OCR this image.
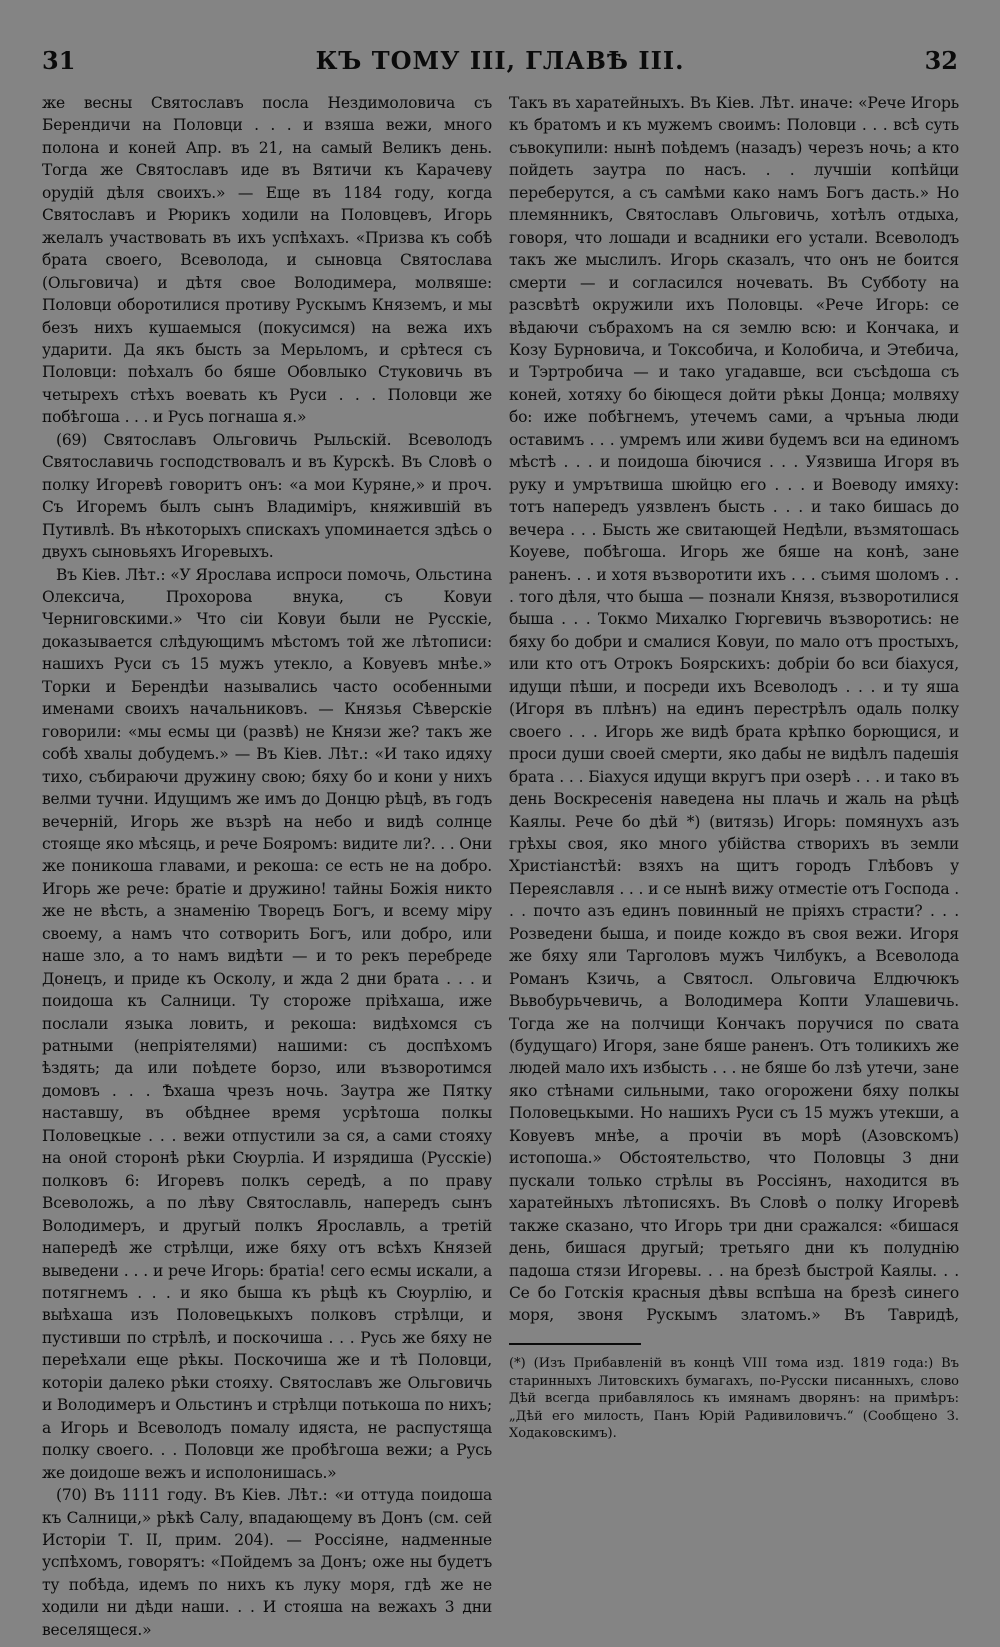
31	КЪ ТОМУ III, ГЛАВѢ III.	32

же весны Святославъ посла Нездимоловича съ Берендичи на Половци . . . и взяша вежи, много полона и коней Апр. въ 21, на самый Великъ день. Тогда же Святославъ иде въ Вятичи къ Карачеву орудій дѣля своихъ.» — Еще въ 1184 году, когда Святославъ и Рюрикъ ходили на Половцевъ, Игорь желалъ участвовать въ ихъ успѣхахъ. «Призва къ собѣ брата своего, Всеволода, и сыновца Святослава (Ольговича) и дѣтя свое Володимера, молвяше: Половци оборотилися противу Рускымъ Княземъ, и мы безъ нихъ кушаемыся (покусимся) на вежа ихъ ударити. Да якъ бысть за Мерьломъ, и срѣтеся съ Половци: поѣхалъ бо бяше Обовлыко Стуковичь въ четырехъ стѣхъ воевать къ Руси . . . Половци же побѣгоша . . . и Русь погнаша я.»

(69) Святославъ Ольговичь Рыльскій. Всеволодъ Святославичь господствовалъ и въ Курскѣ. Въ Словѣ о полку Игоревѣ говоритъ онъ: «а мои Куряне,» и проч. Съ Игоремъ былъ сынъ Владиміръ, княжившій въ Путивлѣ. Въ нѣкоторыхъ спискахъ упоминается здѣсь о двухъ сыновьяхъ Игоревыхъ.

Въ Кіев. Лѣт.: «У Ярослава испроси помочь, Ольстина Олексича, Прохорова внука, съ Ковуи Черниговскими.» Что сіи Ковуи были не Русскіе, доказывается слѣдующимъ мѣстомъ той же лѣтописи: нашихъ Руси съ 15 мужъ утекло, а Ковуевъ мнѣе.» Торки и Берендѣи назывались часто особенными именами своихъ начальниковъ. — Князья Сѣверскіе говорили: «мы есмы ци (развѣ) не Князи же? такъ же собѣ хвалы добудемъ.» — Въ Кіев. Лѣт.: «И тако идяху тихо, събираючи дружину свою; бяху бо и кони у нихъ велми тучни. Идущимъ же имъ до Донцю рѣцѣ, въ годъ вечерній, Игорь же възрѣ на небо и видѣ солнце стояще яко мѣсяць, и рече Бояромъ: видите ли?. . . Они же поникоша главами, и рекоша: се есть не на добро. Игорь же рече: братіе и дружино! тайны Божія никто же не вѣсть, а знаменію Творецъ Богъ, и всему міру своему, а намъ что сотворить Богъ, или добро, или наше зло, а то намъ видѣти — и то рекъ перебреде Донецъ, и приде къ Осколу, и жда 2 дни брата . . . и поидоша къ Салници. Ту стороже пріѣхаша, иже послали языка ловить, и рекоша: видѣхомся съ ратными (непріятелями) нашими: съ доспѣхомъ ѣздять; да или поѣдете борзо, или възворотимся домовъ . . . Ѣхаша чрезъ ночь. Заутра же Пятку наставшу, въ обѣднее время усрѣтоша полкы Половецкые . . . вежи отпустили за ся, а сами стояху на оной сторонѣ рѣки Сюурліа. И изрядиша (Русскіе) полковъ 6: Игоревъ полкъ середѣ, а по праву Всеволожь, а по лѣву Святославль, напередъ сынъ Володимеръ, и другый полкъ Ярославль, а третій напередѣ же стрѣлци, иже бяху отъ всѣхъ Князей выведени . . . и рече Игорь: братіа! сего есмы искали, а потягнемъ . . . и яко быша къ рѣцѣ къ Сюурлію, и выѣхаша изъ Половецькыхъ полковъ стрѣлци, и пустивши по стрѣлѣ, и поскочиша . . . Русь же бяху не переѣхали еще рѣкы. Поскочиша же и тѣ Половци, которіи далеко рѣки стояху. Святославъ же Ольговичь и Володимеръ и Ольстинъ и стрѣлци потькоша по нихъ; а Игорь и Всеволодъ помалу идяста, не распустяща полку своего. . . Половци же пробѣгоша вежи; а Русь же доидоше вежъ и исполонишась.»

(70) Въ 1111 году. Въ Кіев. Лѣт.: «и оттуда поидоша къ Салници,» рѣкѣ Салу, впадающему въ Донъ (см. сей Исторіи Т. II, прим. 204). — Россіяне, надменные успѣхомъ, говорятъ: «Пойдемъ за Донъ; оже ны будетъ ту побѣда, идемъ по нихъ къ луку моря, гдѣ же не ходили ни дѣди наши. . . И стояша на вежахъ 3 дни веселящеся.»

Такъ въ харатейныхъ. Въ Кіев. Лѣт. иначе: «Рече Игорь къ братомъ и къ мужемъ своимъ: Половци . . . всѣ суть съвокупили: нынѣ поѣдемъ (назадъ) черезъ ночь; а кто пойдеть заутра по насъ. . . лучшіи копѣйци переберутся, а съ самѣми како намъ Богъ дасть.» Но племянникъ, Святославъ Ольговичь, хотѣлъ отдыха, говоря, что лошади и всадники его устали. Всеволодъ такъ же мыслилъ. Игорь сказалъ, что онъ не боится смерти — и согласился ночевать. Въ Субботу на разсвѣтѣ окружили ихъ Половцы. «Рече Игорь: се вѣдаючи събрахомъ на ся землю всю: и Кончака, и Козу Бурновича, и Токсобича, и Колобича, и Этебича, и Тэртробича — и тако угадавше, вси съсѣдоша съ коней, хотяху бо біющеся дойти рѣкы Донца; молвяху бо: иже побѣгнемъ, утечемъ сами, а чръныа люди оставимъ . . . умремъ или живи будемъ вси на единомъ мѣстѣ . . . и поидоша біючися . . . Уязвиша Игоря въ руку и умрътвиша шюйцю его . . . и Воеводу имяху: тотъ напередъ уязвленъ бысть . . . и тако бишась до вечера . . . Бысть же свитающей Недѣли, възмятошась Коуеве, побѣгоша. Игорь же бяше на конѣ, зане раненъ. . . и хотя възворотити ихъ . . . съимя шоломъ . . . того дѣля, что быша — познали Князя, възворотилися быша . . . Токмо Михалко Гюргевичь възворотись: не бяху бо добри и смалися Ковуи, по мало отъ простыхъ, или кто отъ Отрокъ Боярскихъ: добріи бо вси біахуся, идущи пѣши, и посреди ихъ Всеволодъ . . . и ту яша (Игоря въ плѣнъ) на единъ перестрѣлъ одаль полку своего . . . Игорь же видѣ брата крѣпко борющися, и проси души своей смерти, яко дабы не видѣлъ падешія брата . . . Біахуся идущи вкругъ при озерѣ . . . и тако въ день Воскресенія наведена ны плачь и жаль на рѣцѣ Каялы. Рече бо дѣй *) (витязь) Игорь: помянухъ азъ грѣхы своя, яко много убійства створихъ въ земли Христіанстѣй: взяхъ на щитъ городъ Глѣбовъ у Переяславля . . . и се нынѣ вижу отместіе отъ Господа . . . почто азъ единъ повинный не пріяхъ страсти? . . . Розведени быша, и поиде кождо въ своя вежи. Игоря же бяху яли Тарголовъ мужъ Чилбукъ, а Всеволода Романъ Кзичь, а Святосл. Ольговича Елдючюкъ Вьвобурьчевичь, а Володимера Копти Улашевичь. Тогда же на полчищи Кончакъ поручися по свата (будущаго) Игоря, зане бяше раненъ. Отъ толикихъ же людей мало ихъ избысть . . . не бяше бо лзѣ утечи, зане яко стѣнами сильными, тако огорожени бяху полкы Половецькыми. Но нашихъ Руси съ 15 мужъ утекши, а Ковуевъ мнѣе, а прочіи въ морѣ (Азовскомъ) истопоша.» Обстоятельство, что Половцы 3 дни пускали только стрѣлы въ Россіянъ, находится въ харатейныхъ лѣтописяхъ. Въ Словѣ о полку Игоревѣ также сказано, что Игорь три дни сражался: «бишася день, бишася другый; третьяго дни къ полуднію падоша стязи Игоревы. . . на брезѣ быстрой Каялы. . . Се бо Готскія красныя дѣвы вспѣша на брезѣ синего моря, звоня Рускымъ златомъ.» Въ Тавридѣ,

(*) (Изъ Прибавленій въ концѣ VIII тома изд. 1819 года:) Въ старинныхъ Литовскихъ бумагахъ, по-Русски писанныхъ, слово Дѣй всегда прибавлялось къ имянамъ дворянъ: на примѣръ: „Дѣй его милость, Панъ Юрій Радивиловичъ.“ (Сообщено З. Ходаковскимъ).
